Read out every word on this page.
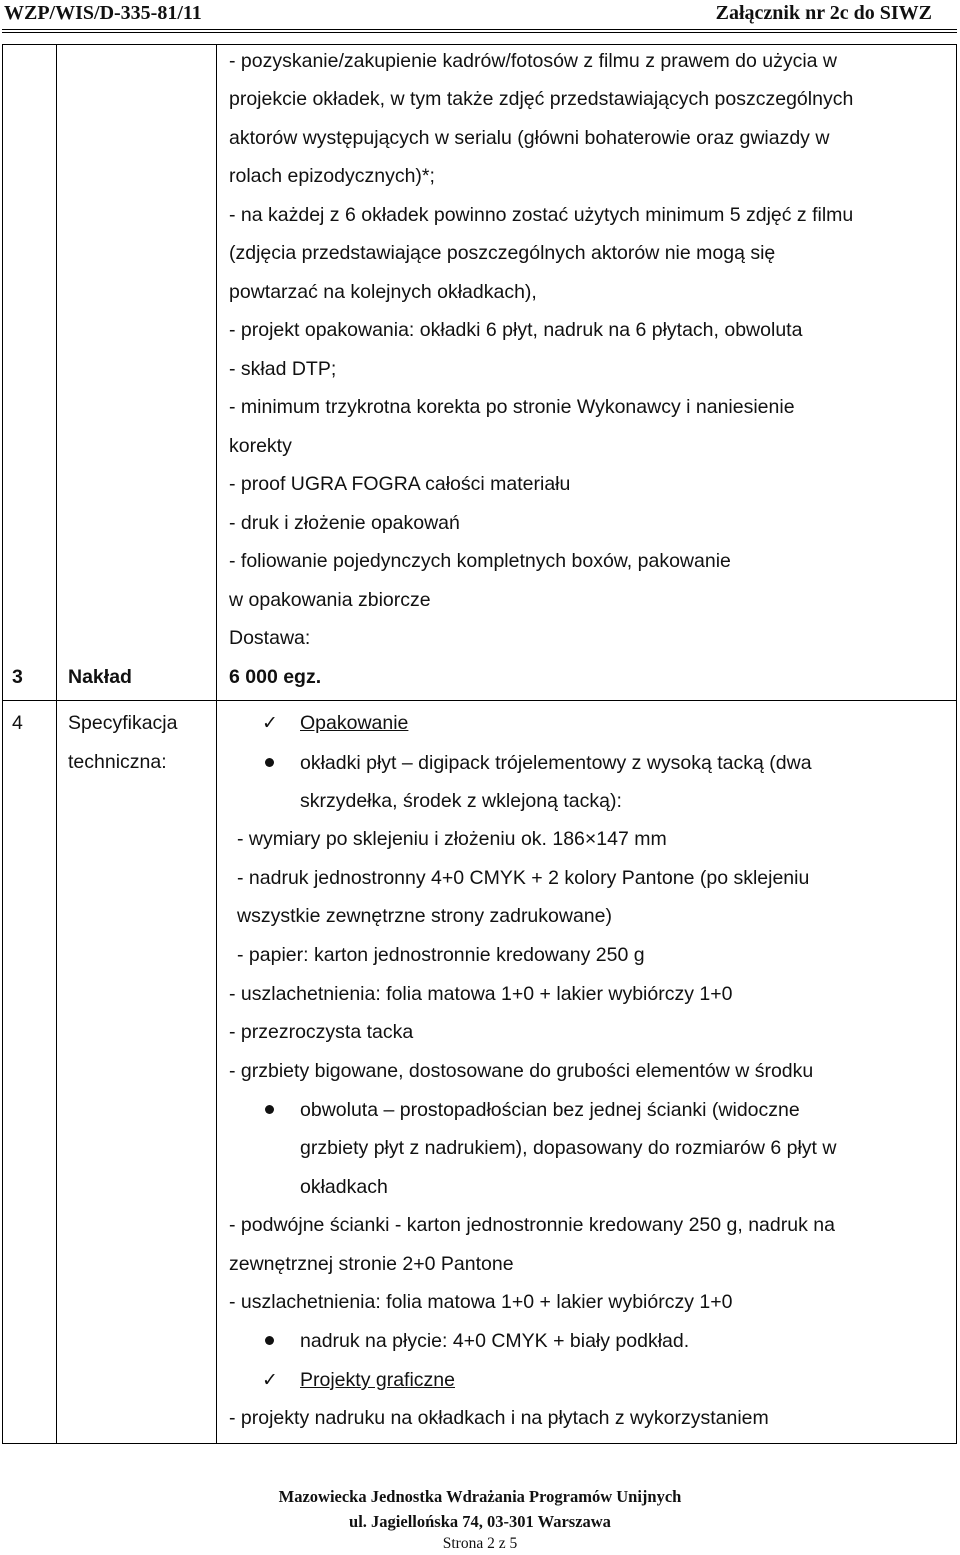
WZP/WIS/D-335-81/11	Załącznik nr 2c do SIWZ
- pozyskanie/zakupienie kadrów/fotosów z filmu z prawem do użycia w
projekcie okładek, w tym także zdjęć przedstawiających poszczególnych
aktorów występujących w serialu (główni bohaterowie oraz gwiazdy w
rolach epizodycznych)*;
- na każdej z 6 okładek powinno zostać użytych minimum 5 zdjęć z filmu
(zdjęcia przedstawiające poszczególnych aktorów nie mogą się
powtarzać na kolejnych okładkach),
- projekt opakowania: okładki 6 płyt, nadruk na 6 płytach, obwoluta
- skład DTP;
- minimum trzykrotna korekta po stronie Wykonawcy i naniesienie
korekty
- proof UGRA FOGRA całości materiału
- druk i złożenie opakowań
- foliowanie pojedynczych kompletnych boxów, pakowanie
w opakowania zbiorcze
Dostawa:
3 Nakład	6 000 egz.
4 Specyfikacja
techniczna:
✓ Opakowanie
okładki płyt – digipack trójelementowy z wysoką tacką (dwa
skrzydełka, środek z wklejoną tacką):
- wymiary po sklejeniu i złożeniu ok. 186×147 mm
- nadruk jednostronny 4+0 CMYK + 2 kolory Pantone (po sklejeniu
wszystkie zewnętrzne strony zadrukowane)
- papier: karton jednostronnie kredowany 250 g
- uszlachetnienia: folia matowa 1+0 + lakier wybiórczy 1+0
- przezroczysta tacka
- grzbiety bigowane, dostosowane do grubości elementów w środku
obwoluta – prostopadłościan bez jednej ścianki (widoczne
grzbiety płyt z nadrukiem), dopasowany do rozmiarów 6 płyt w
okładkach
- podwójne ścianki - karton jednostronnie kredowany 250 g, nadruk na
zewnętrznej stronie 2+0 Pantone
- uszlachetnienia: folia matowa 1+0 + lakier wybiórczy 1+0
nadruk na płycie: 4+0 CMYK + biały podkład.
✓ Projekty graficzne
- projekty nadruku na okładkach i na płytach z wykorzystaniem
Mazowiecka Jednostka Wdrażania Programów Unijnych
ul. Jagiellońska 74, 03-301 Warszawa
Strona 2 z 5
